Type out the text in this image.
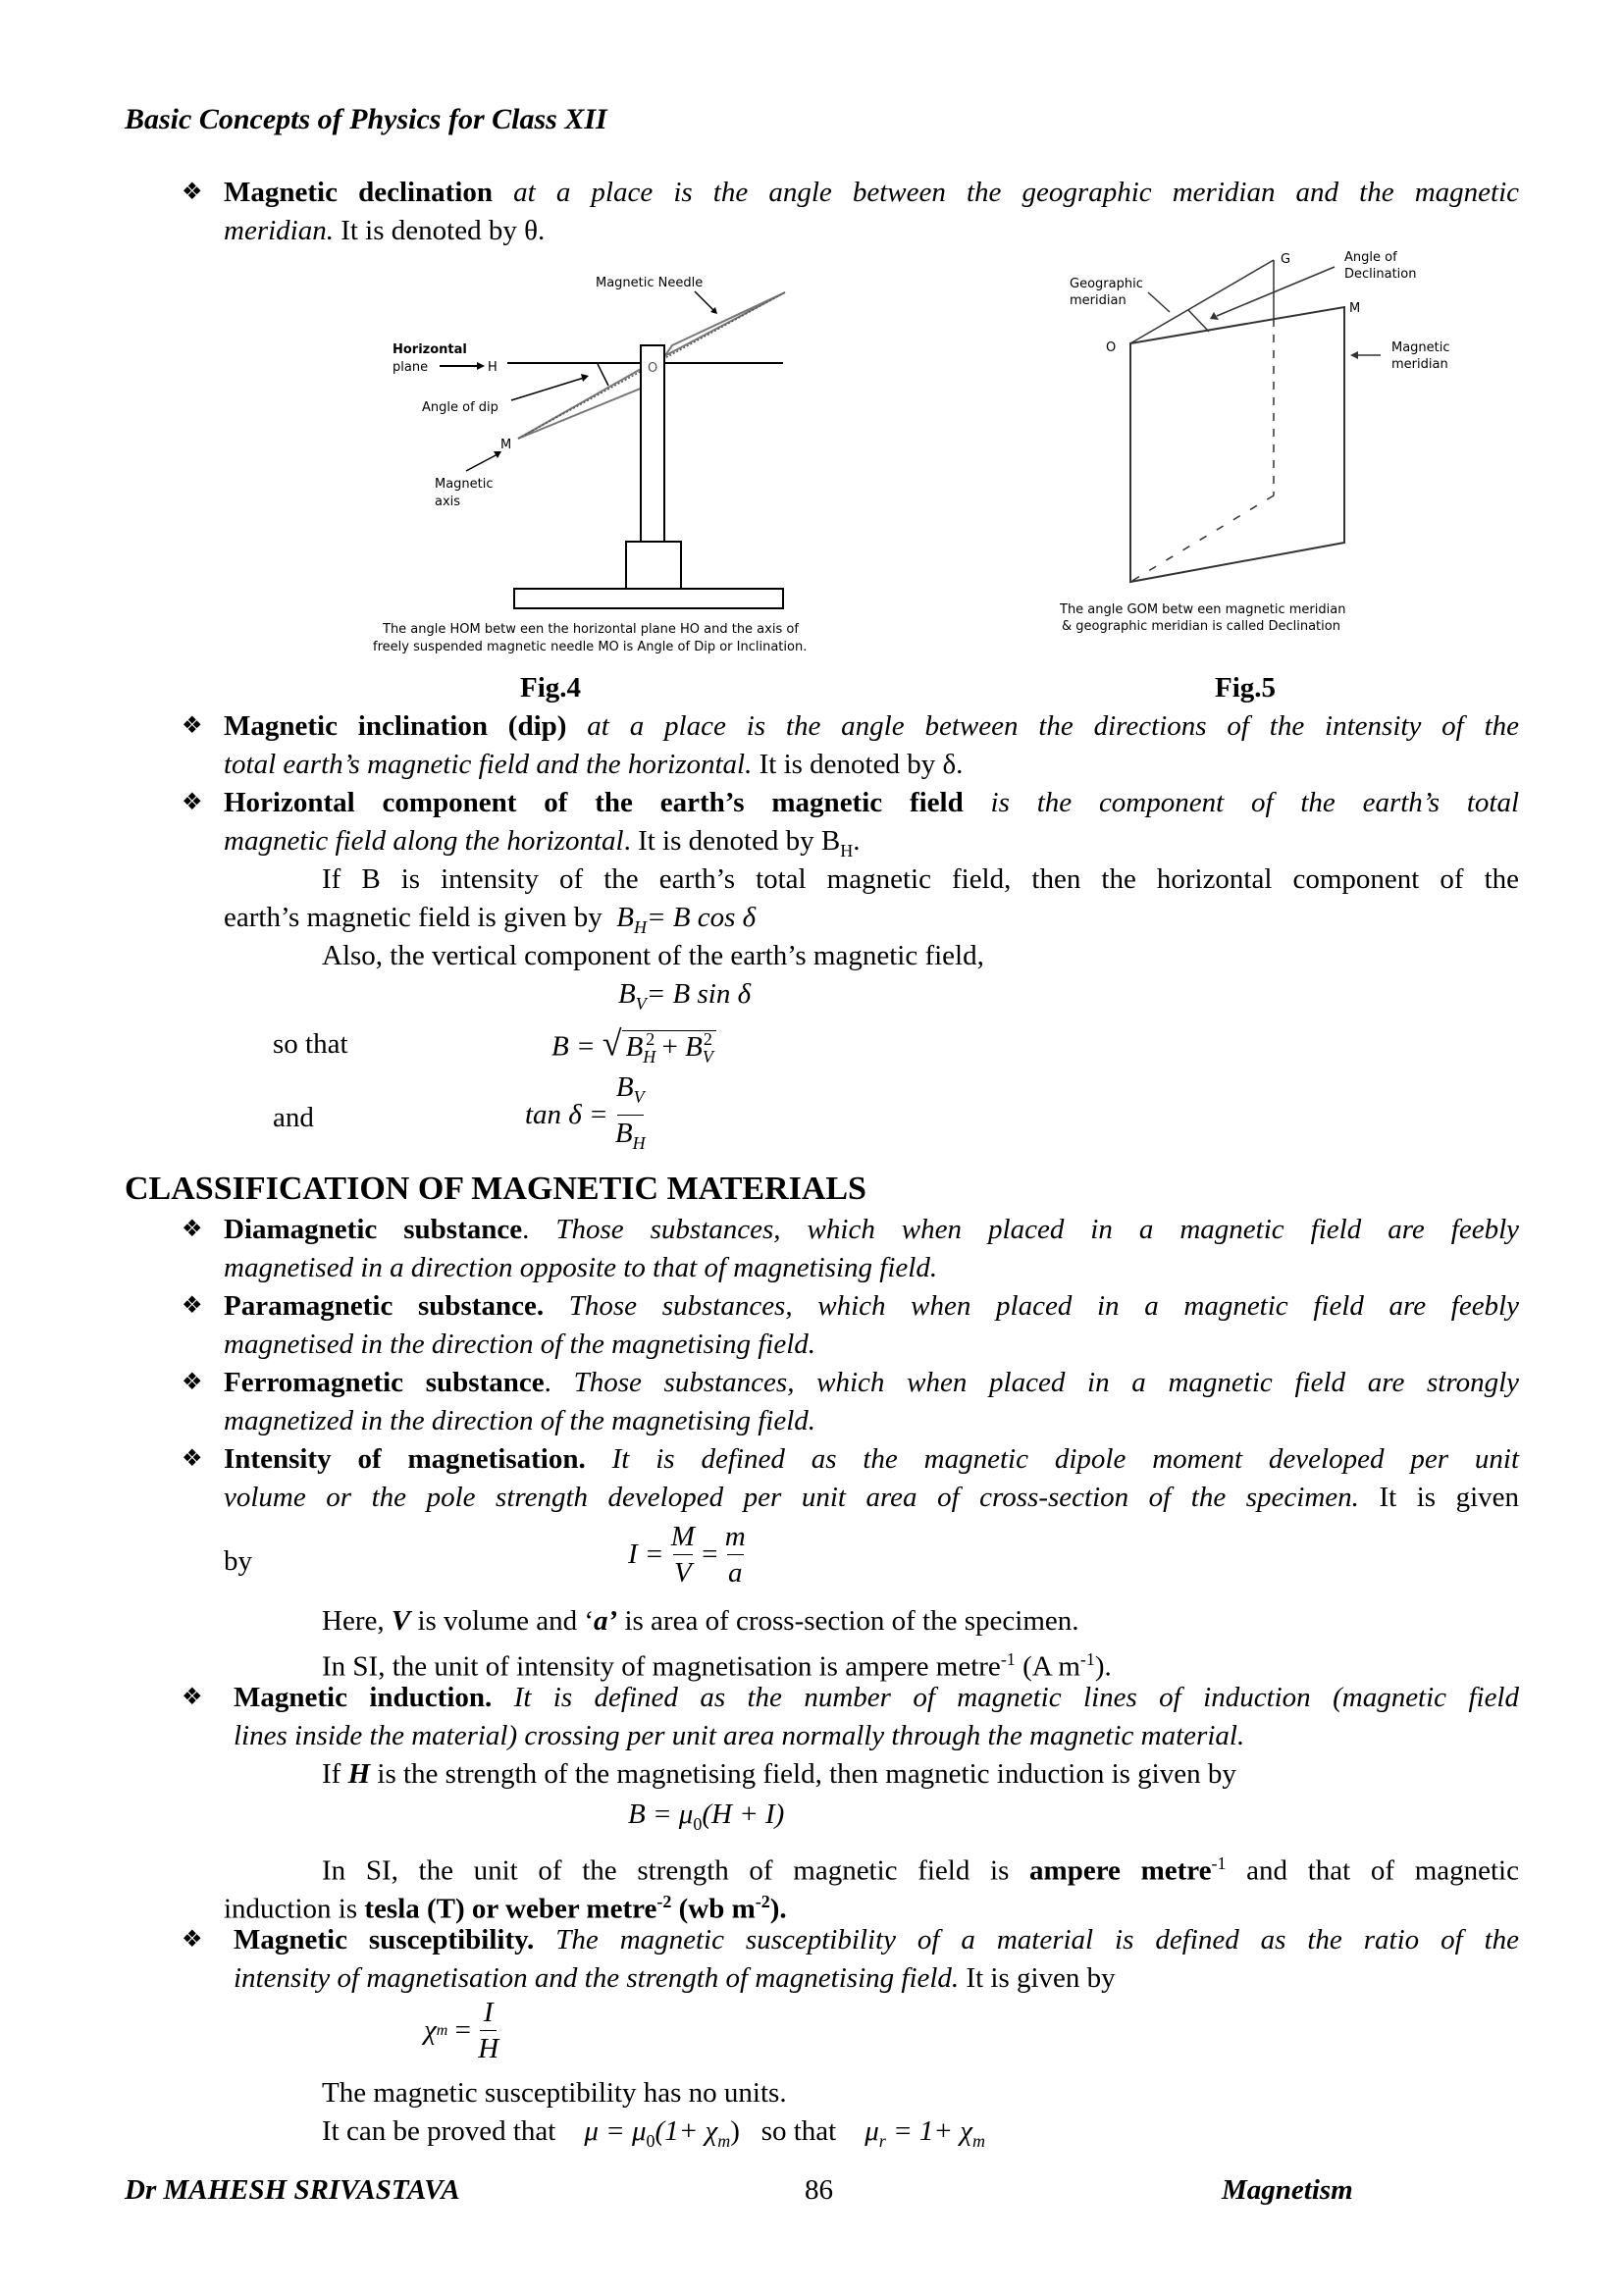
Basic Concepts of Physics for Class XII
❖ Magnetic declination at a place is the angle between the geographic meridian and the magnetic
meridian. It is denoted by θ.
Magnetic Needle
Horizontal
plane	H	O
M
Angle of dip
Magnetic
axis
The angle HOM betw een the horizontal plane HO and the axis of
freely suspended magnetic needle MO is Angle of Dip or Inclination.
G	Angle of
Declination
Geographic
meridian
M
O	Magnetic
meridian
The angle GOM betw een magnetic meridian
& geographic meridian is called Declination
Fig.4	Fig.5
❖ Magnetic inclination (dip) at a place is the angle between the directions of the intensity of the
total earth’s magnetic field and the horizontal. It is denoted by δ.
❖ Horizontal component of the earth’s magnetic field is the component of the earth’s total
magnetic field along the horizontal. It is denoted by $B_H$.
If B is intensity of the earth’s total magnetic field, then the horizontal component of the
earth’s magnetic field is given by $B_H= B$ cos δ
Also, the vertical component of the earth’s magnetic field,
$B_V= B$ sin δ
so that	B = √ $B_H^2 + B_V^2$
and	$\tan \delta = \frac{B_V}{B_H}$
CLASSIFICATION OF MAGNETIC MATERIALS
❖ Diamagnetic substance. Those substances, which when placed in a magnetic field are feebly
magnetised in a direction opposite to that of magnetising field.
❖ Paramagnetic substance. Those substances, which when placed in a magnetic field are feebly
magnetised in the direction of the magnetising field.
❖ Ferromagnetic substance. Those substances, which when placed in a magnetic field are strongly
magnetized in the direction of the magnetising field.
❖ Intensity of magnetisation. It is defined as the magnetic dipole moment developed per unit
volume or the pole strength developed per unit area of cross-section of the specimen. It is given
by	$I = \frac{M}{V} = \frac{m}{a}$
Here, V is volume and ‘a’ is area of cross-section of the specimen.
In SI, the unit of intensity of magnetisation is ampere metre$^{-1}$ (A $m^{-1}$).
❖ Magnetic induction. It is defined as the number of magnetic lines of induction (magnetic field
lines inside the material) crossing per unit area normally through the magnetic material.
If H is the strength of the magnetising field, then magnetic induction is given by
$B = \mu_0(H + I)$
In SI, the unit of the strength of magnetic field is ampere metre$^{-1}$ and that of magnetic
induction is tesla (T) or weber metre$^{-2}$ (wb $m^{-2}$).
❖ Magnetic susceptibility. The magnetic susceptibility of a material is defined as the ratio of the
intensity of magnetisation and the strength of magnetising field. It is given by
$\chi m = \frac{I}{H}$
The magnetic susceptibility has no units.
It can be proved that $\mu = \mu_0(1+ \chi_m)$ so that $\mu_r = 1+ \chi_m$
Dr MAHESH SRIVASTAVA	86	Magnetism
